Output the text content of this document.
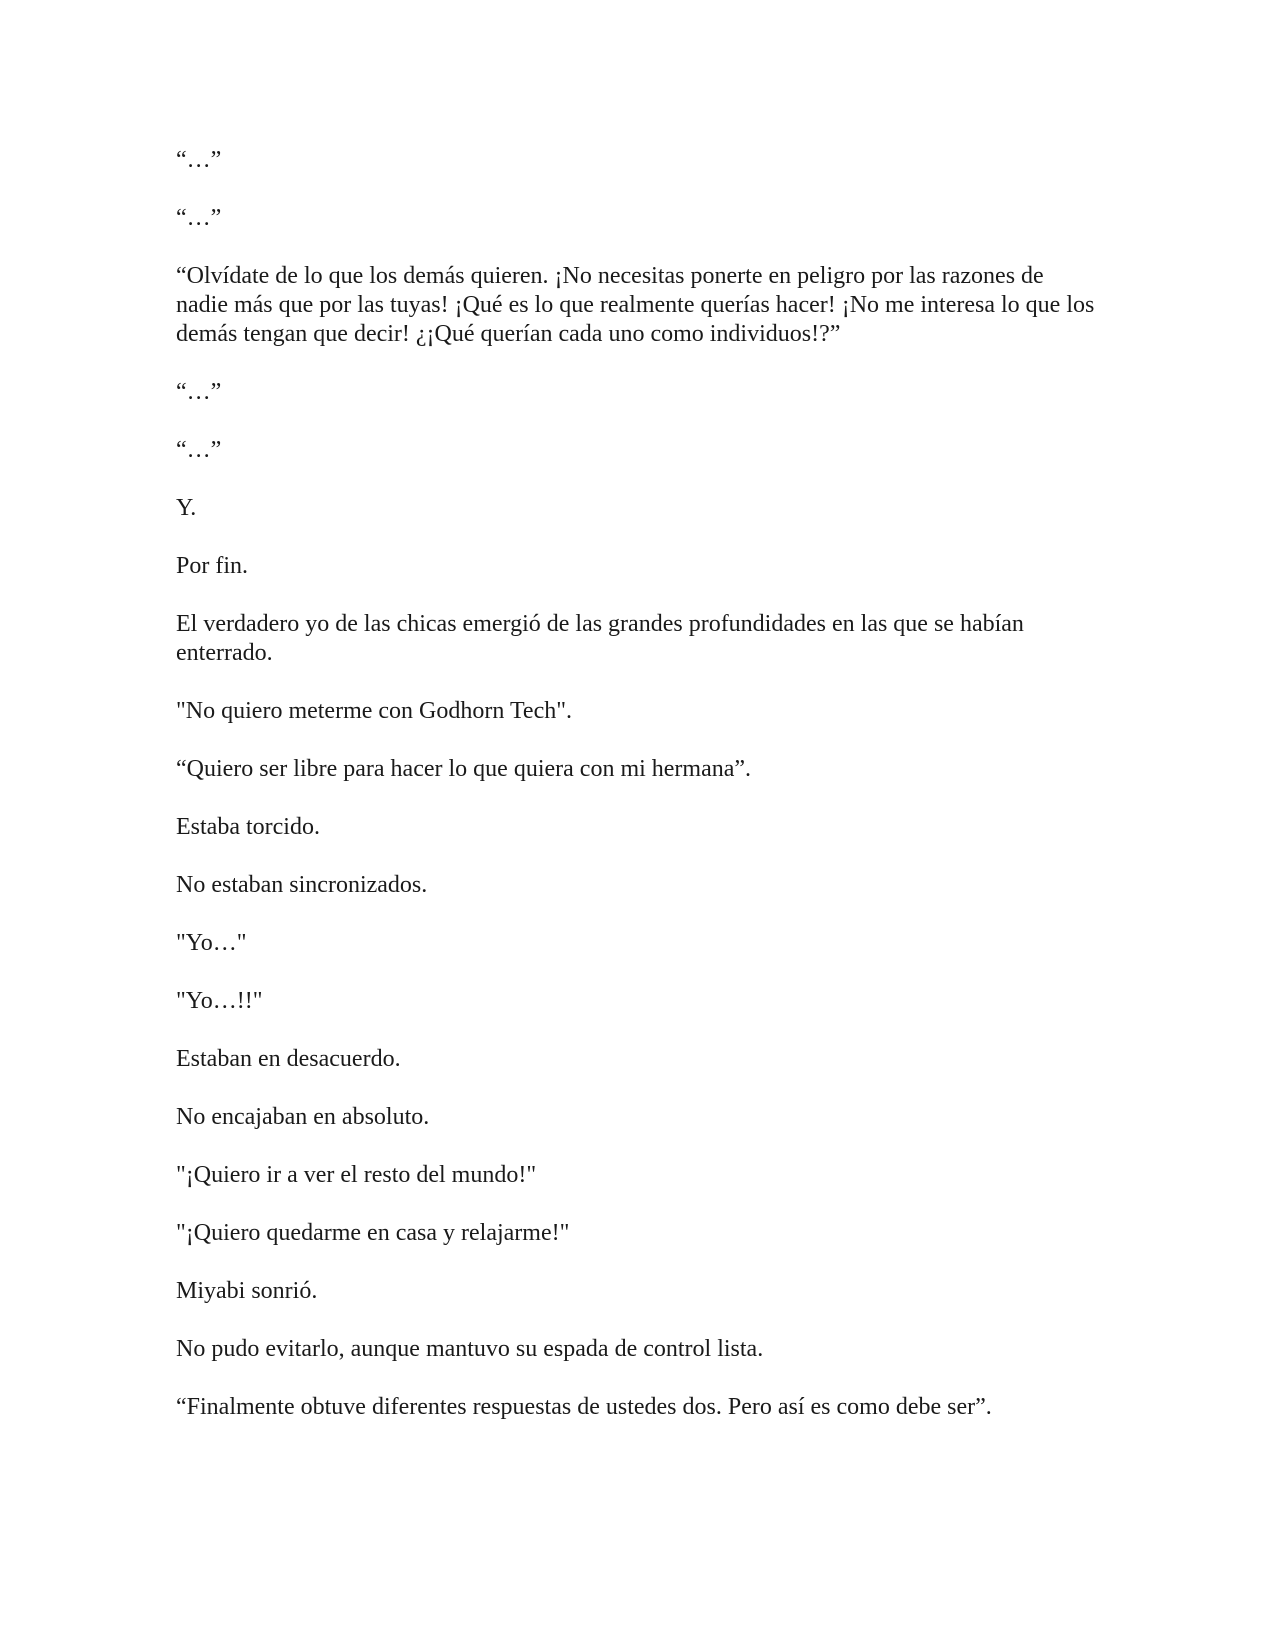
“…”

“…”

“Olvídate de lo que los demás quieren. ¡No necesitas ponerte en peligro por las razones de nadie más que por las tuyas! ¡Qué es lo que realmente querías hacer! ¡No me interesa lo que los demás tengan que decir! ¿¡Qué querían cada uno como individuos!?”

“…”

“…”

Y.

Por fin.

El verdadero yo de las chicas emergió de las grandes profundidades en las que se habían enterrado.

"No quiero meterme con Godhorn Tech".

“Quiero ser libre para hacer lo que quiera con mi hermana”.

Estaba torcido.

No estaban sincronizados.

"Yo…"

"Yo…!!"

Estaban en desacuerdo.

No encajaban en absoluto.

"¡Quiero ir a ver el resto del mundo!"

"¡Quiero quedarme en casa y relajarme!"

Miyabi sonrió.

No pudo evitarlo, aunque mantuvo su espada de control lista.

“Finalmente obtuve diferentes respuestas de ustedes dos. Pero así es como debe ser”.
